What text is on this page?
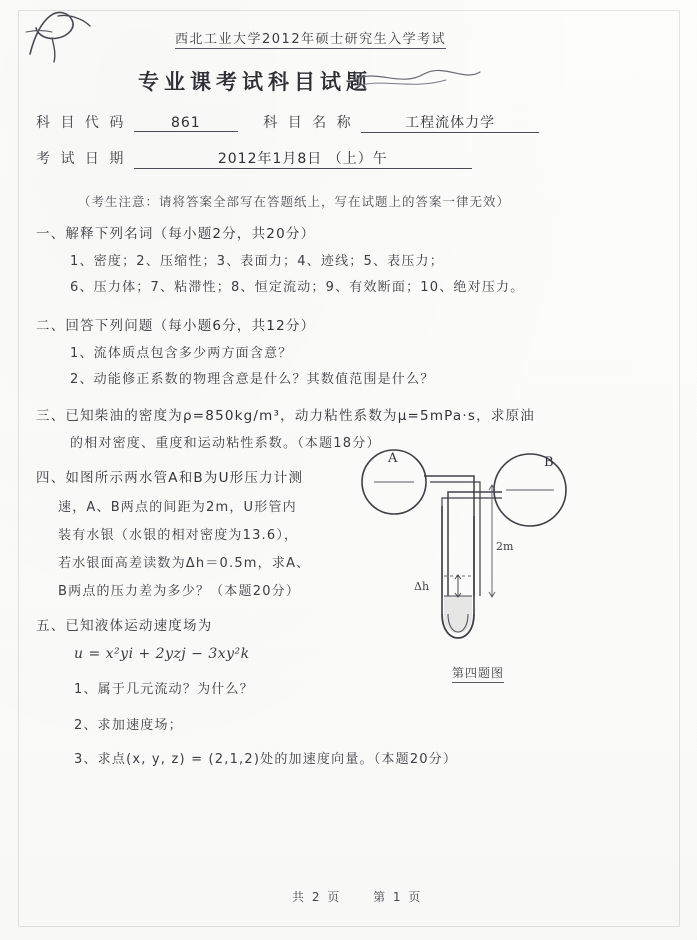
西北工业大学2012年硕士研究生入学考试
专业课考试科目试题
科 目 代 码	861	科 目 名 称	工程流体力学
考 试 日 期	2012年1月8日 （上）午
（考生注意：请将答案全部写在答题纸上，写在试题上的答案一律无效）
一、解释下列名词（每小题2分，共20分）
1、密度；2、压缩性；3、表面力；4、迹线；5、表压力；
6、压力体；7、粘滞性；8、恒定流动；9、有效断面；10、绝对压力。
二、回答下列问题（每小题6分，共12分）
1、流体质点包含多少两方面含意？
2、动能修正系数的物理含意是什么？其数值范围是什么？
三、已知柴油的密度为ρ=850kg/m³，动力粘性系数为μ=5mPa·s，求原油
的相对密度、重度和运动粘性系数。（本题18分）
四、如图所示两水管A和B为U形压力计测
速，A、B两点的间距为2m，U形管内
装有水银（水银的相对密度为13.6），
若水银面高差读数为Δh＝0.5m，求A、
B两点的压力差为多少？（本题20分）
A	B
2m
Δh
第四题图
五、已知液体运动速度场为
u = x²yi + 2yzj − 3xy²k
1、属于几元流动？为什么？
2、求加速度场；
3、求点(x, y, z) = (2,1,2)处的加速度向量。（本题20分）
共 2 页	第 1 页
